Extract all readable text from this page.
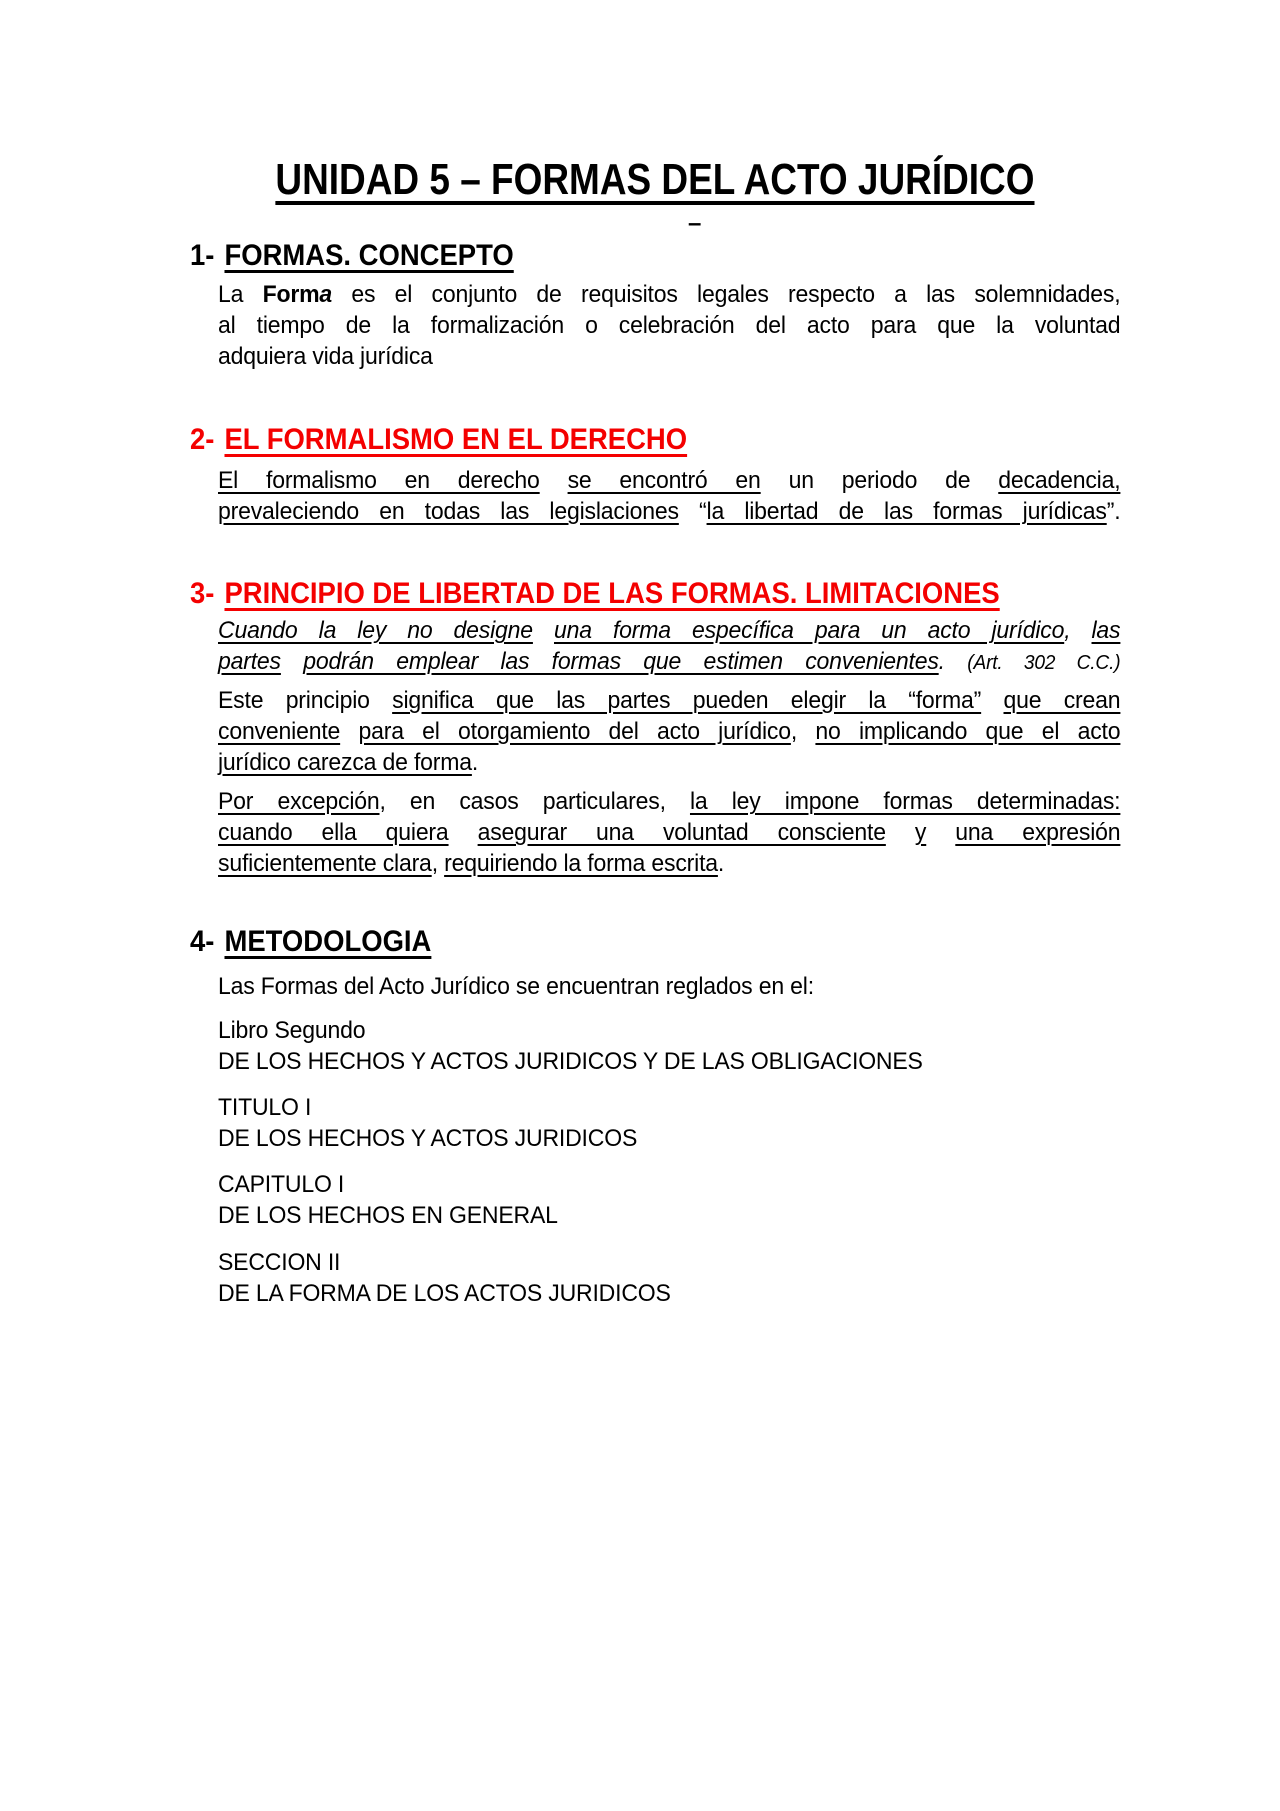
UNIDAD 5 – FORMAS DEL ACTO JURÍDICO
–
1- FORMAS. CONCEPTO
La Forma es el conjunto de requisitos legales respecto a las solemnidades,
al tiempo de la formalización o celebración del acto para que la voluntad
adquiera vida jurídica
2- EL FORMALISMO EN EL DERECHO
El formalismo en derecho se encontró en un periodo de decadencia,
prevaleciendo en todas las legislaciones “la libertad de las formas jurídicas”.
3- PRINCIPIO DE LIBERTAD DE LAS FORMAS. LIMITACIONES
Cuando la ley no designe una forma específica para un acto jurídico, las
partes podrán emplear las formas que estimen convenientes. (Art. 302 C.C.)
Este principio significa que las partes pueden elegir la “forma” que crean
conveniente para el otorgamiento del acto jurídico, no implicando que el acto
jurídico carezca de forma.
Por excepción, en casos particulares, la ley impone formas determinadas:
cuando ella quiera asegurar una voluntad consciente y una expresión
suficientemente clara, requiriendo la forma escrita.
4- METODOLOGIA
Las Formas del Acto Jurídico se encuentran reglados en el:
Libro Segundo
DE LOS HECHOS Y ACTOS JURIDICOS Y DE LAS OBLIGACIONES
TITULO I
DE LOS HECHOS Y ACTOS JURIDICOS
CAPITULO I
DE LOS HECHOS EN GENERAL
SECCION II
DE LA FORMA DE LOS ACTOS JURIDICOS
